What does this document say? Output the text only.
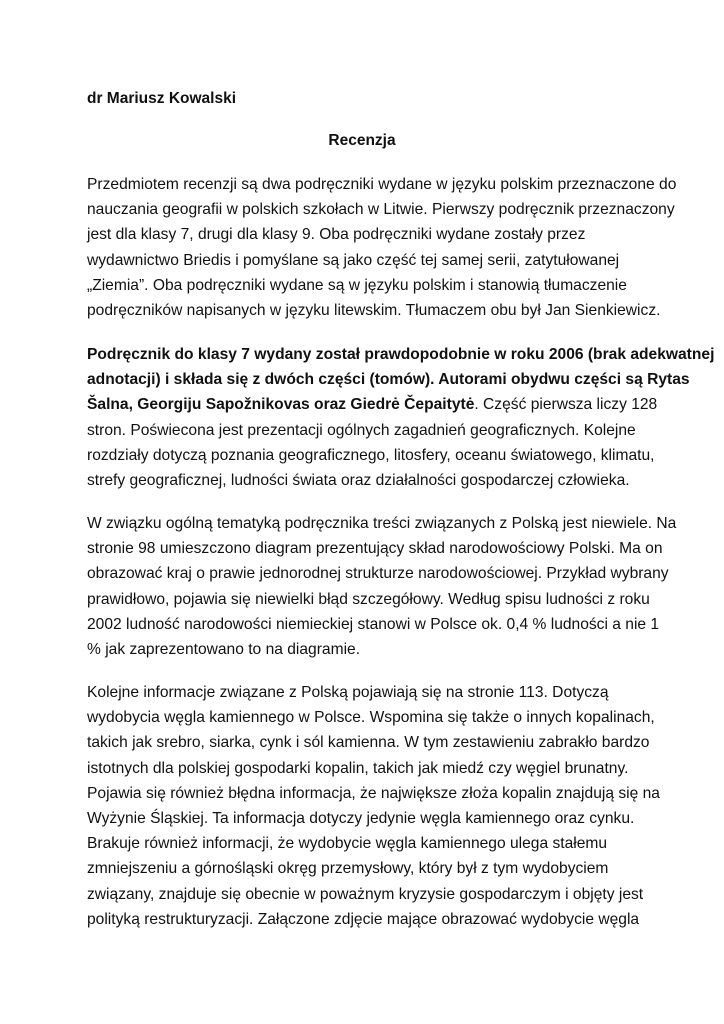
dr Mariusz Kowalski
Recenzja
Przedmiotem recenzji są dwa podręczniki wydane w języku polskim przeznaczone do
nauczania geografii w polskich szkołach w Litwie. Pierwszy podręcznik przeznaczony
jest dla klasy 7, drugi dla klasy 9. Oba podręczniki wydane zostały przez
wydawnictwo Briedis i pomyślane są jako część tej samej serii, zatytułowanej
„Ziemia”. Oba podręczniki wydane są w języku polskim i stanowią tłumaczenie
podręczników napisanych w języku litewskim. Tłumaczem obu był Jan Sienkiewicz.
Podręcznik do klasy 7 wydany został prawdopodobnie w roku 2006 (brak adekwatnej
adnotacji) i składa się z dwóch części (tomów). Autorami obydwu części są Rytas
Šalna, Georgiju Sapožnikovas oraz Giedrė Čepaitytė. Część pierwsza liczy 128
stron. Poświecona jest prezentacji ogólnych zagadnień geograficznych. Kolejne
rozdziały dotyczą poznania geograficznego, litosfery, oceanu światowego, klimatu,
strefy geograficznej, ludności świata oraz działalności gospodarczej człowieka.
W związku ogólną tematyką podręcznika treści związanych z Polską jest niewiele. Na
stronie 98 umieszczono diagram prezentujący skład narodowościowy Polski. Ma on
obrazować kraj o prawie jednorodnej strukturze narodowościowej. Przykład wybrany
prawidłowo, pojawia się niewielki błąd szczegółowy. Według spisu ludności z roku
2002 ludność narodowości niemieckiej stanowi w Polsce ok. 0,4 % ludności a nie 1
% jak zaprezentowano to na diagramie.
Kolejne informacje związane z Polską pojawiają się na stronie 113. Dotyczą
wydobycia węgla kamiennego w Polsce. Wspomina się także o innych kopalinach,
takich jak srebro, siarka, cynk i sól kamienna. W tym zestawieniu zabrakło bardzo
istotnych dla polskiej gospodarki kopalin, takich jak miedź czy węgiel brunatny.
Pojawia się również błędna informacja, że największe złoża kopalin znajdują się na
Wyżynie Śląskiej. Ta informacja dotyczy jedynie węgla kamiennego oraz cynku.
Brakuje również informacji, że wydobycie węgla kamiennego ulega stałemu
zmniejszeniu a górnośląski okręg przemysłowy, który był z tym wydobyciem
związany, znajduje się obecnie w poważnym kryzysie gospodarczym i objęty jest
polityką restrukturyzacji. Załączone zdjęcie mające obrazować wydobycie węgla
